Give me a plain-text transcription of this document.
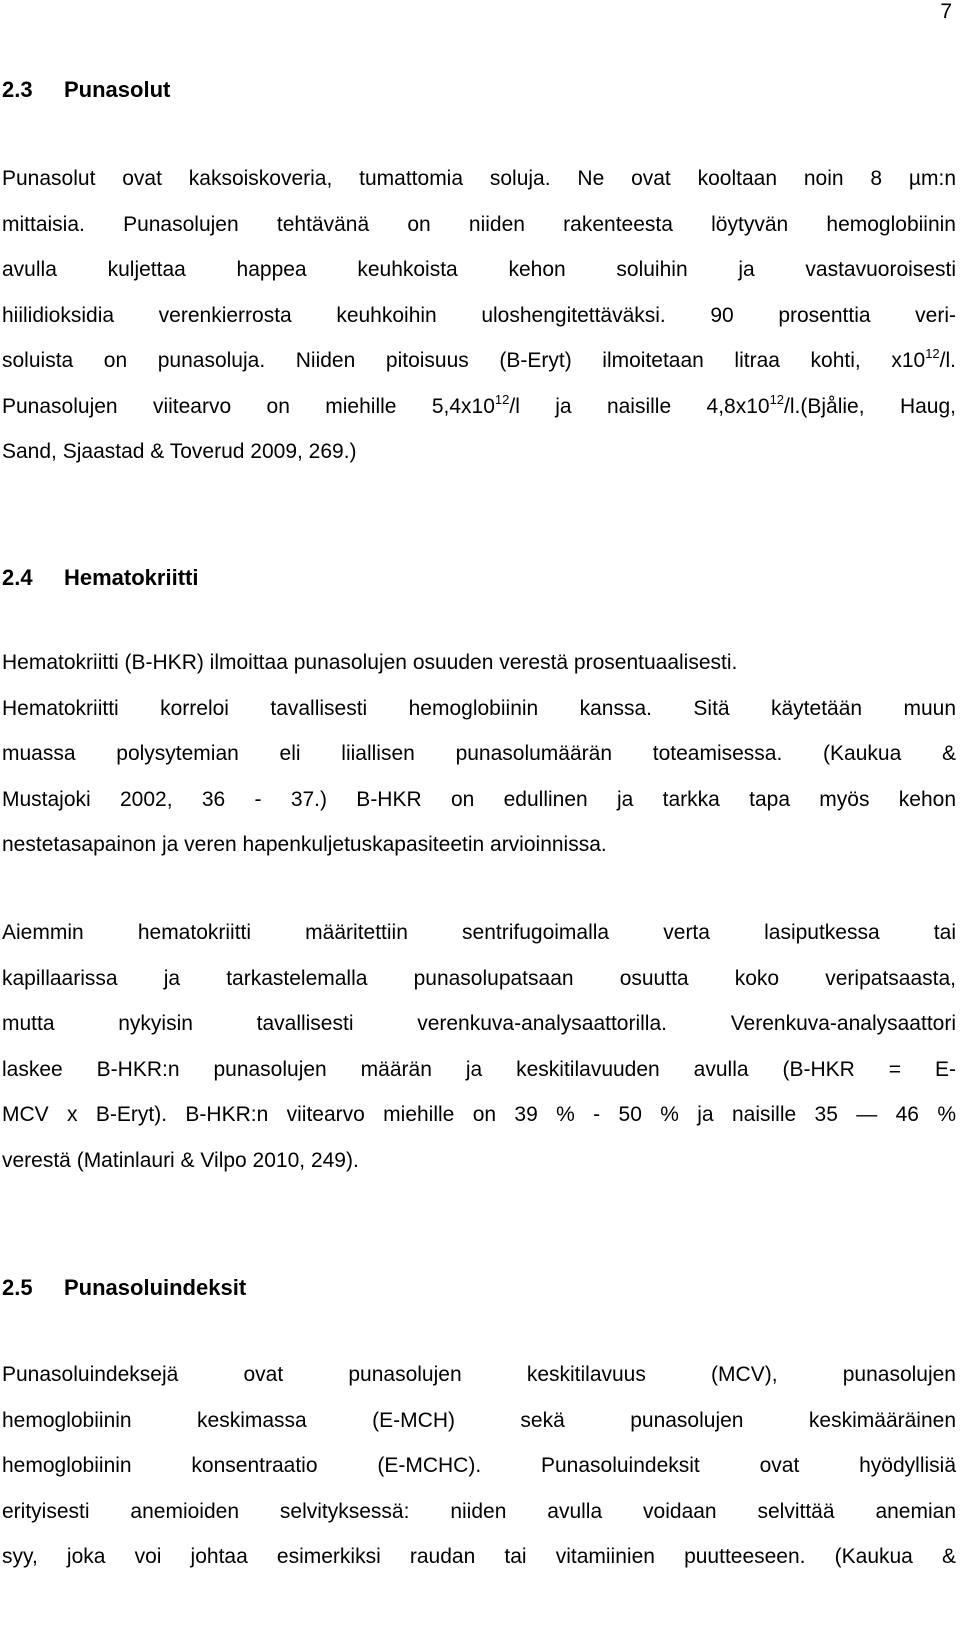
7
2.3 Punasolut
Punasolut ovat kaksoiskoveria, tumattomia soluja. Ne ovat kooltaan noin 8 µm:n
mittaisia. Punasolujen tehtävänä on niiden rakenteesta löytyvän hemoglobiinin
avulla kuljettaa happea keuhkoista kehon soluihin ja vastavuoroisesti
hiilidioksidia verenkierrosta keuhkoihin uloshengitettäväksi. 90 prosenttia veri-
soluista on punasoluja. Niiden pitoisuus (B-Eryt) ilmoitetaan litraa kohti, $x10^{12}/l$.
Punasolujen viitearvo on miehille $5,4x10^{12}/l$ ja naisille $4,8x10^{12}/l.(Bjålie$, Haug,
Sand, Sjaastad & Toverud 2009, 269.)
2.4 Hematokriitti
Hematokriitti (B-HKR) ilmoittaa punasolujen osuuden verestä prosentuaalisesti.
Hematokriitti korreloi tavallisesti hemoglobiinin kanssa. Sitä käytetään muun
muassa polysytemian eli liiallisen punasolumäärän toteamisessa. (Kaukua &
Mustajoki 2002, 36 - 37.) B-HKR on edullinen ja tarkka tapa myös kehon
nestetasapainon ja veren hapenkuljetuskapasiteetin arvioinnissa.
Aiemmin hematokriitti määritettiin sentrifugoimalla verta lasiputkessa tai
kapillaarissa ja tarkastelemalla punasolupatsaan osuutta koko veripatsaasta,
mutta nykyisin tavallisesti verenkuva-analysaattorilla. Verenkuva-analysaattori
laskee B-HKR:n punasolujen määrän ja keskitilavuuden avulla (B-HKR = E-
MCV x B-Eryt). B-HKR:n viitearvo miehille on 39 % - 50 % ja naisille 35 — 46 %
verestä (Matinlauri & Vilpo 2010, 249).
2.5 Punasoluindeksit
Punasoluindeksejä ovat punasolujen keskitilavuus (MCV), punasolujen
hemoglobiinin keskimassa (E-MCH) sekä punasolujen keskimääräinen
hemoglobiinin konsentraatio (E-MCHC). Punasoluindeksit ovat hyödyllisiä
erityisesti anemioiden selvityksessä: niiden avulla voidaan selvittää anemian
syy, joka voi johtaa esimerkiksi raudan tai vitamiinien puutteeseen. (Kaukua &
